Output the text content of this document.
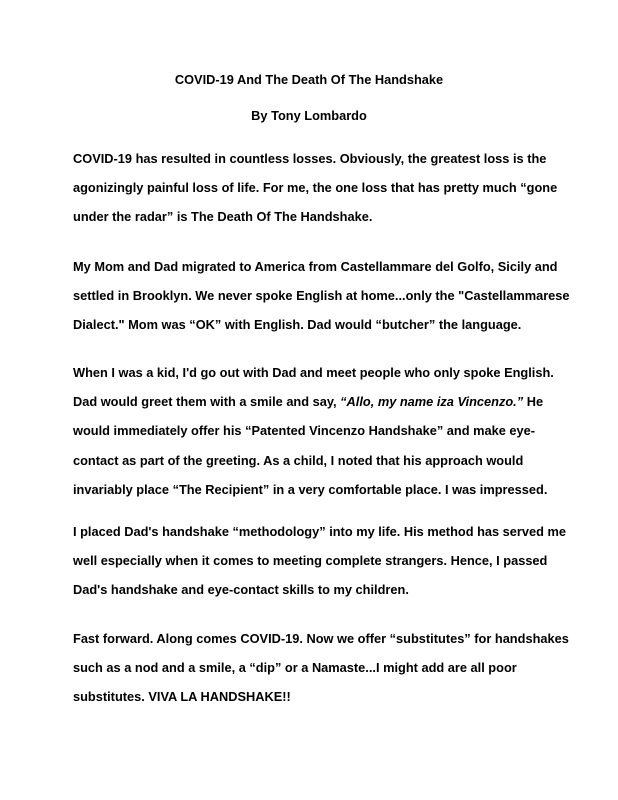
COVID-19 And The Death Of The Handshake
By Tony Lombardo

COVID-19 has resulted in countless losses. Obviously, the greatest loss is the
agonizingly painful loss of life. For me, the one loss that has pretty much “gone
under the radar” is The Death Of The Handshake.

My Mom and Dad migrated to America from Castellammare del Golfo, Sicily and
settled in Brooklyn. We never spoke English at home...only the "Castellammarese
Dialect." Mom was “OK” with English. Dad would “butcher” the language.

When I was a kid, I'd go out with Dad and meet people who only spoke English.
Dad would greet them with a smile and say, “Allo, my name iza Vincenzo.” He
would immediately offer his “Patented Vincenzo Handshake” and make eye-
contact as part of the greeting. As a child, I noted that his approach would
invariably place “The Recipient” in a very comfortable place. I was impressed.

I placed Dad's handshake “methodology” into my life. His method has served me
well especially when it comes to meeting complete strangers. Hence, I passed
Dad's handshake and eye-contact skills to my children.

Fast forward. Along comes COVID-19. Now we offer “substitutes” for handshakes
such as a nod and a smile, a “dip” or a Namaste...I might add are all poor
substitutes. VIVA LA HANDSHAKE!!
